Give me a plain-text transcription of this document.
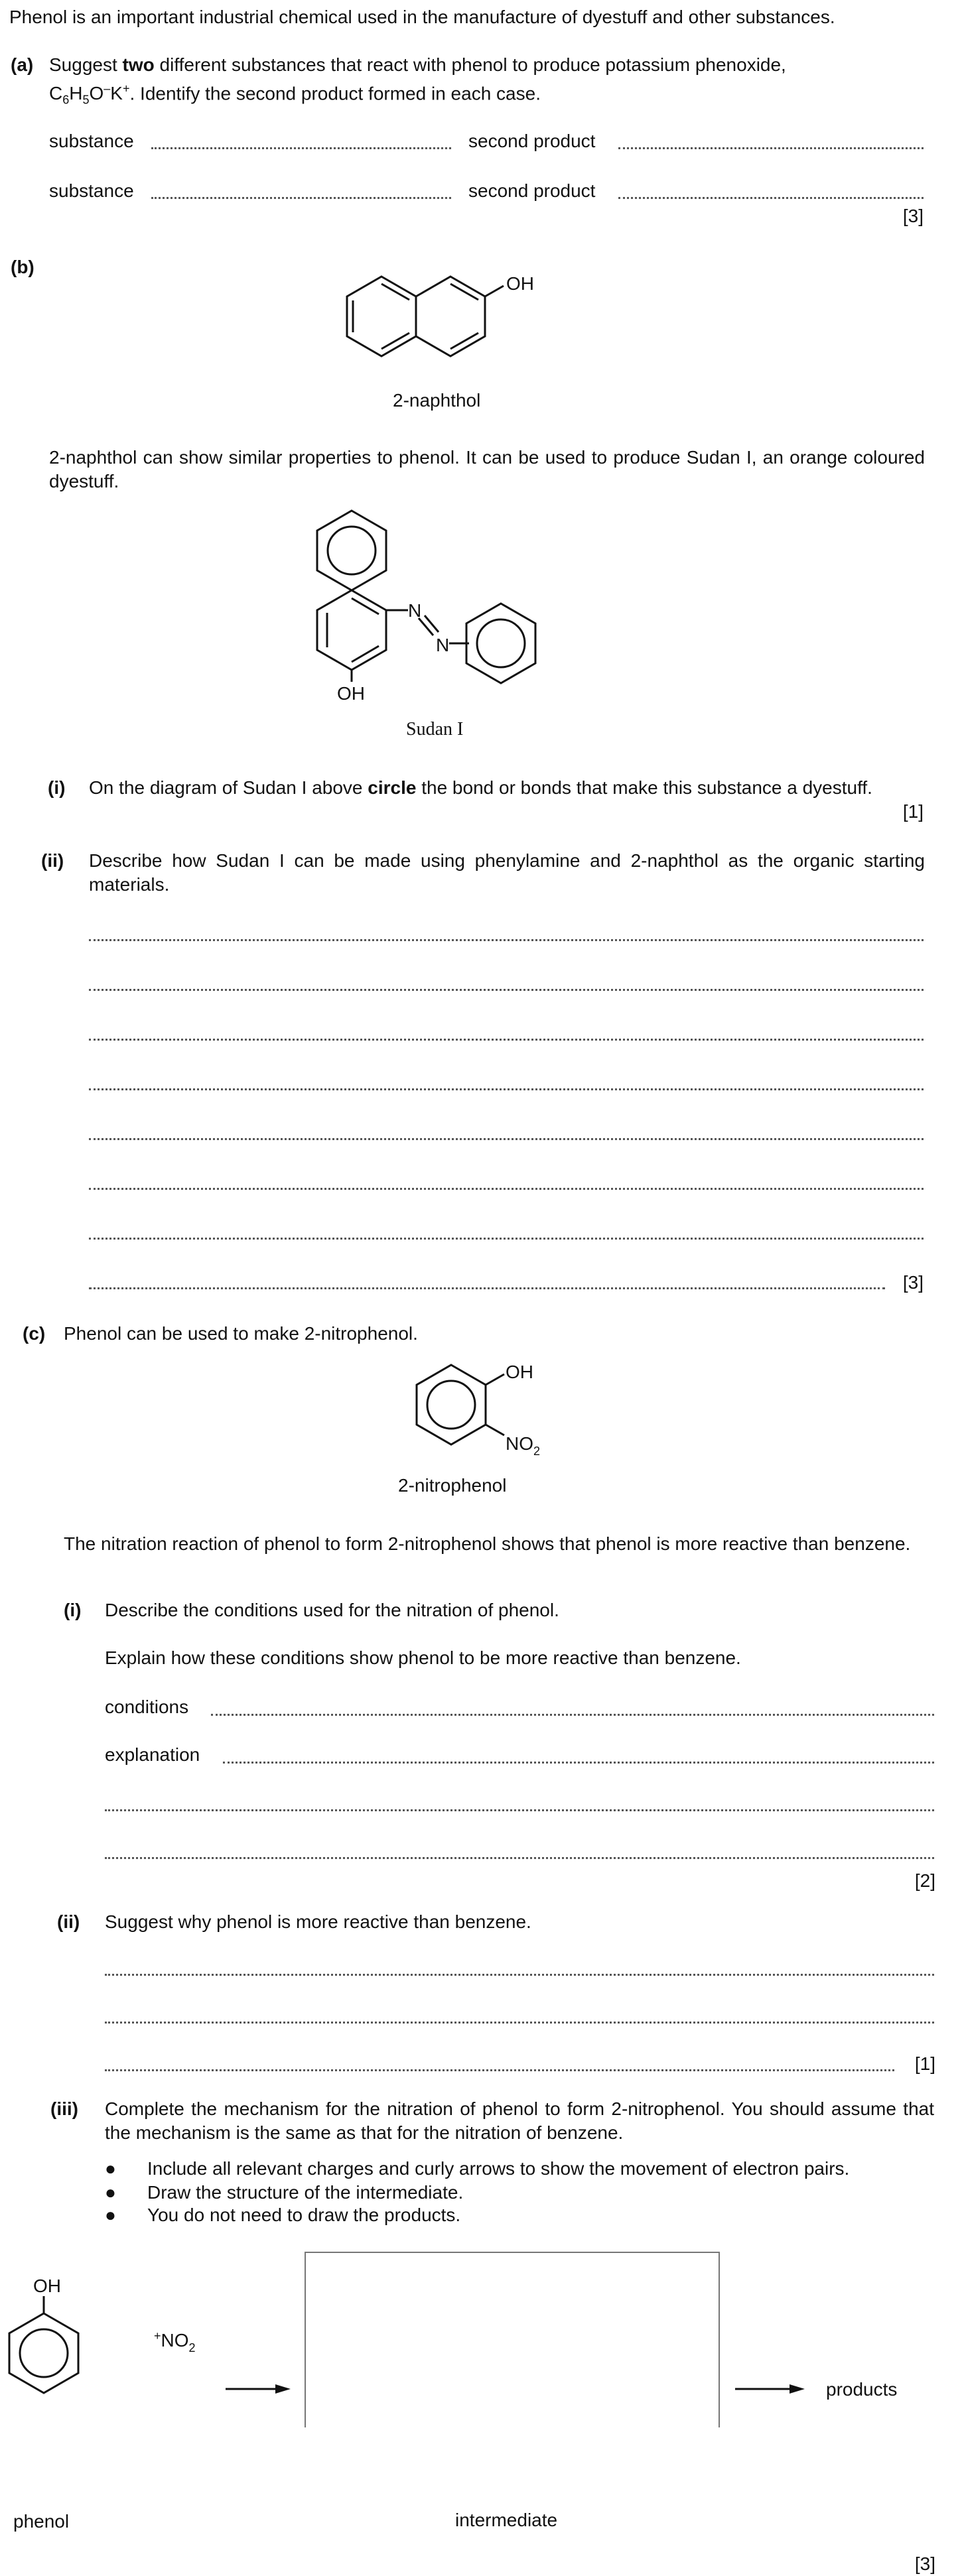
Phenol is an important industrial chemical used in the manufacture of dyestuff and other substances.
(a) Suggest two different substances that react with phenol to produce potassium phenoxide,
$C_6H_5O^-K^+$. Identify the second product formed in each case.
substance	second product
substance	second product
[3]
(b)
OH
2-naphthol
2-naphthol can show similar properties to phenol. It can be used to produce Sudan I, an orange coloured dyestuff.
N
N
OH
Sudan I
(i) On the diagram of Sudan I above circle the bond or bonds that make this substance a dyestuff.
[1]
(ii) Describe how Sudan I can be made using phenylamine and 2-naphthol as the organic starting materials.
[3]
(c) Phenol can be used to make 2-nitrophenol.
OH
$NO_2$
2-nitrophenol
The nitration reaction of phenol to form 2-nitrophenol shows that phenol is more reactive than benzene.
(i) Describe the conditions used for the nitration of phenol.
Explain how these conditions show phenol to be more reactive than benzene.
conditions
explanation
[2]
(ii) Suggest why phenol is more reactive than benzene.
[1]
(iii) Complete the mechanism for the nitration of phenol to form 2-nitrophenol. You should assume that the mechanism is the same as that for the nitration of benzene.
● Include all relevant charges and curly arrows to show the movement of electron pairs.
● Draw the structure of the intermediate.
● You do not need to draw the products.
OH
$^+NO_2$
products
phenol	intermediate
[3]
